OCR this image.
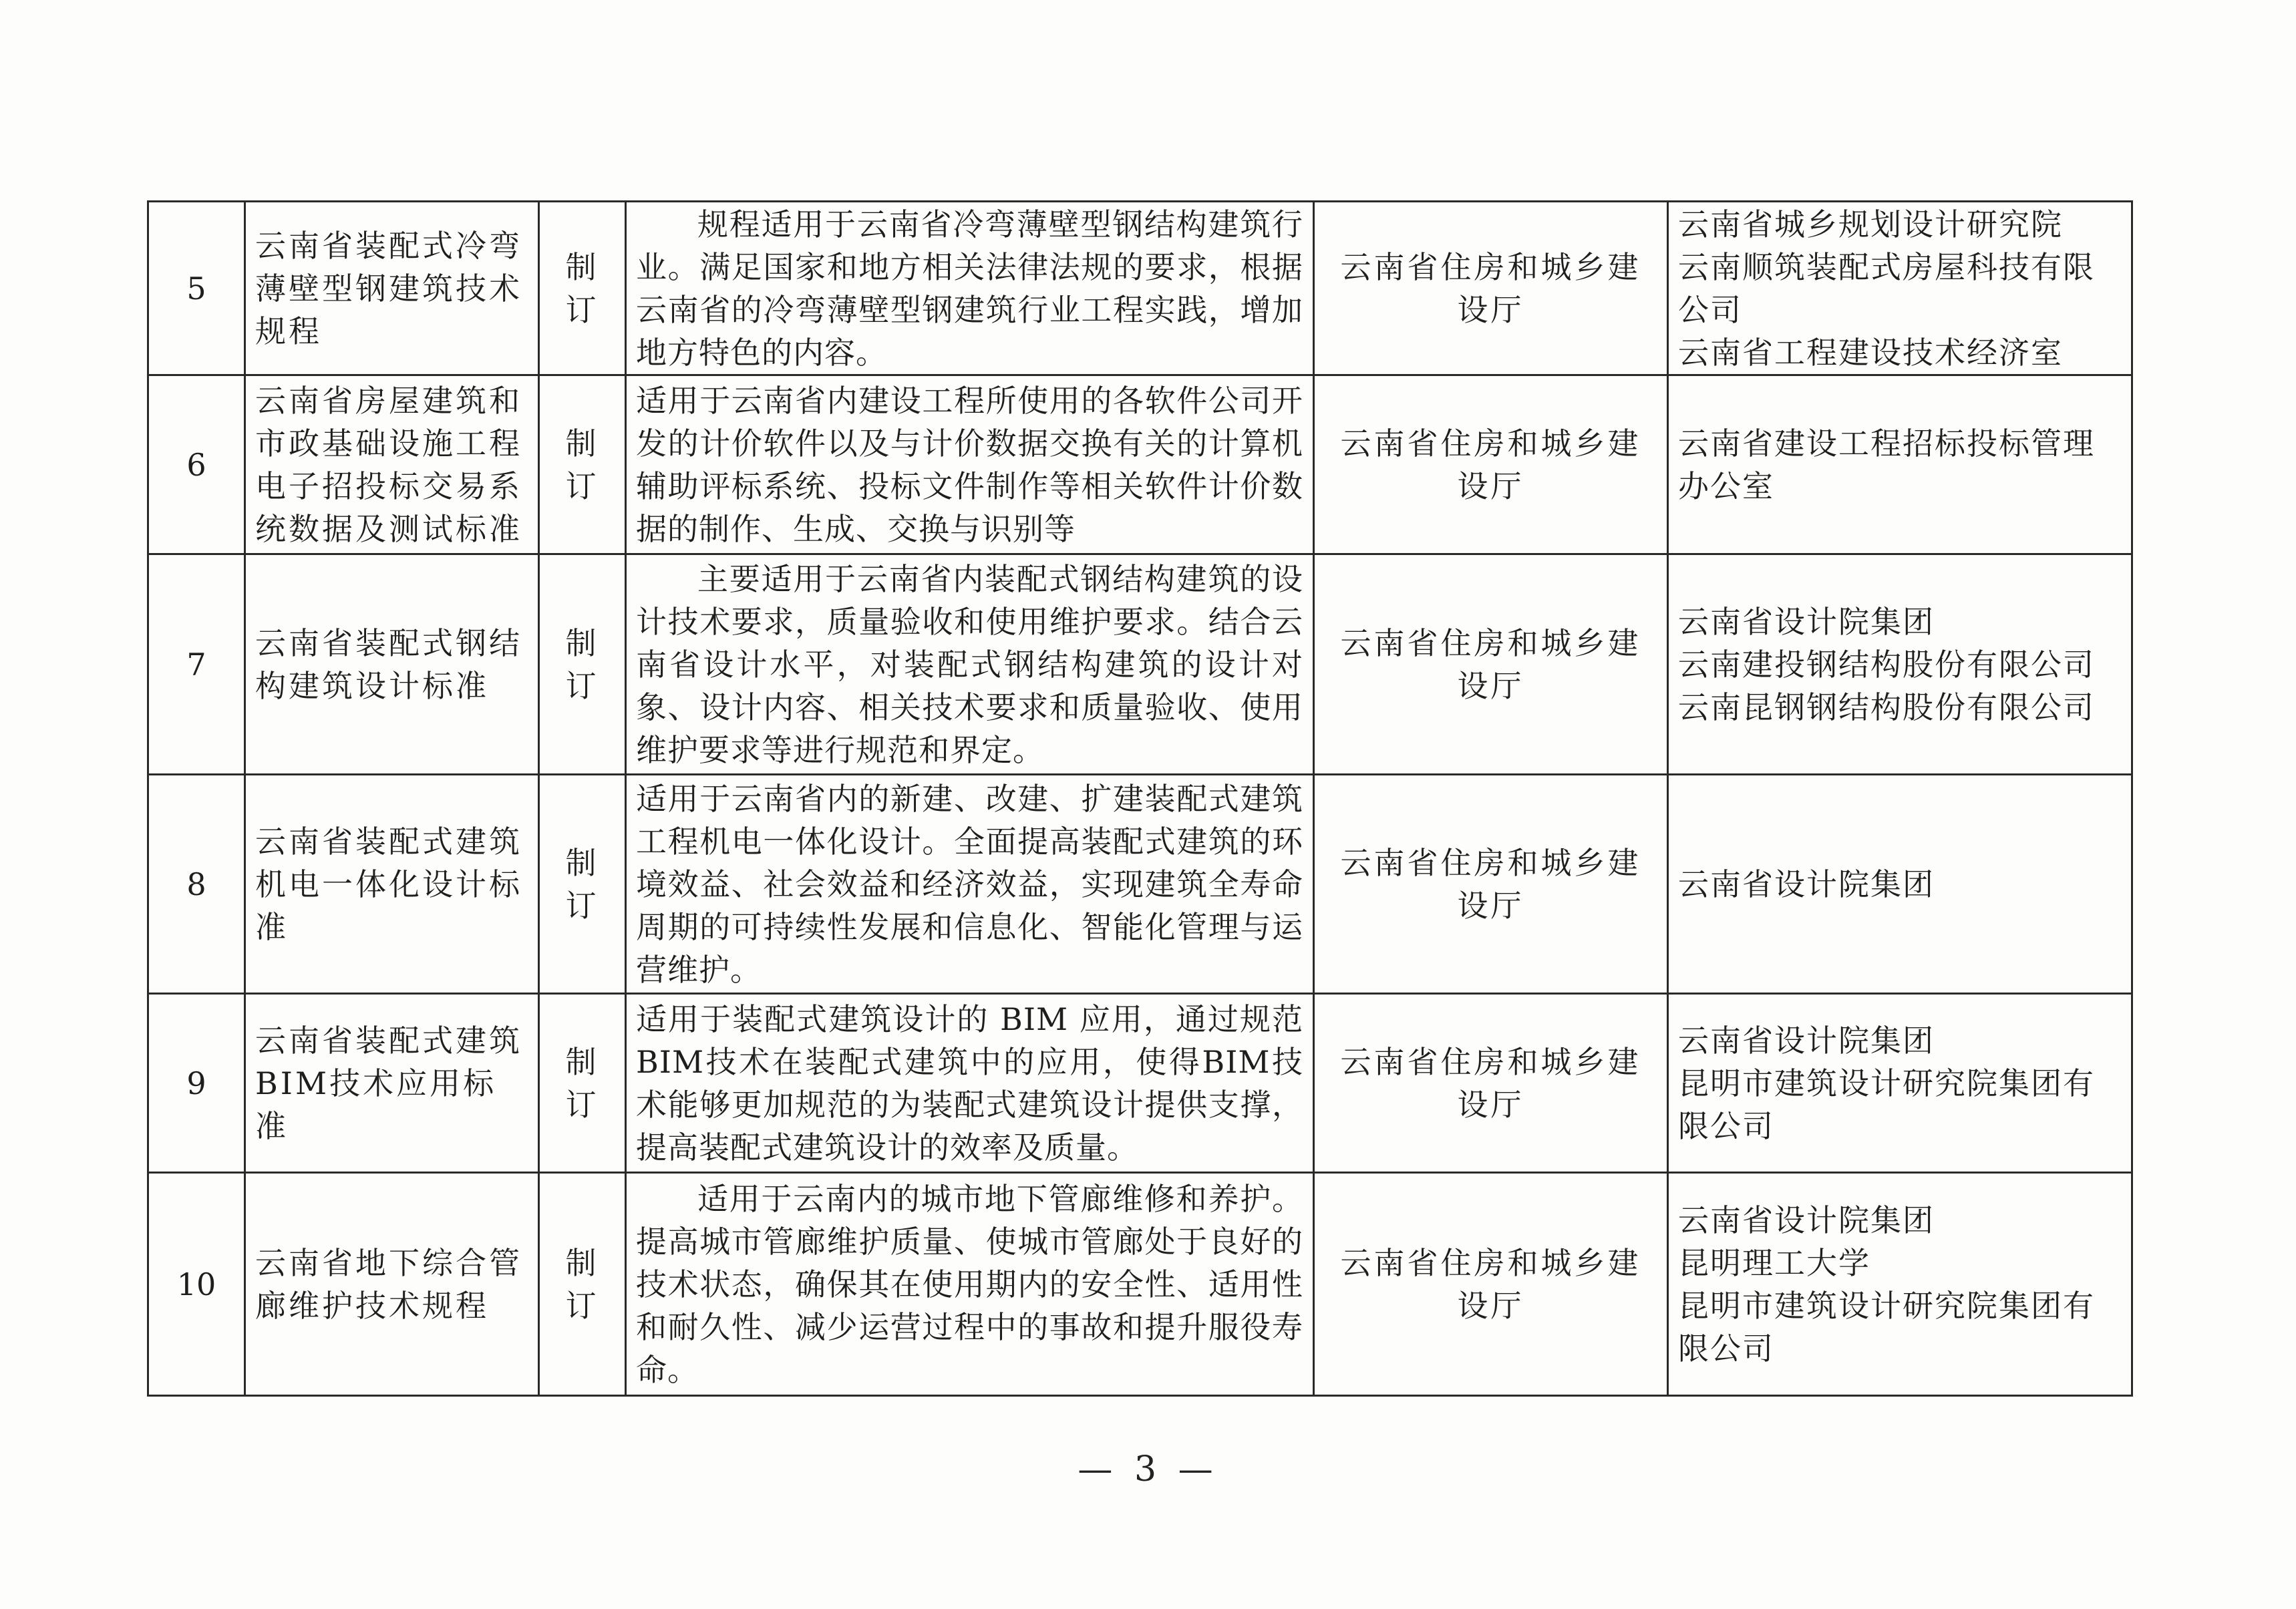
5	云南省装配式冷弯薄壁型钢建筑技术规程	制订	规程适用于云南省冷弯薄壁型钢结构建筑行业。满足国家和地方相关法律法规的要求，根据云南省的冷弯薄壁型钢建筑行业工程实践，增加地方特色的内容。	云南省住房和城乡建设厅	云南省城乡规划设计研究院
云南顺筑装配式房屋科技有限公司
云南省工程建设技术经济室

6	云南省房屋建筑和市政基础设施工程电子招投标交易系统数据及测试标准	制订	适用于云南省内建设工程所使用的各软件公司开发的计价软件以及与计价数据交换有关的计算机辅助评标系统、投标文件制作等相关软件计价数据的制作、生成、交换与识别等	云南省住房和城乡建设厅	云南省建设工程招标投标管理办公室

7	云南省装配式钢结构建筑设计标准	制订	主要适用于云南省内装配式钢结构建筑的设计技术要求，质量验收和使用维护要求。结合云南省设计水平，对装配式钢结构建筑的设计对象、设计内容、相关技术要求和质量验收、使用维护要求等进行规范和界定。	云南省住房和城乡建设厅	云南省设计院集团
云南建投钢结构股份有限公司
云南昆钢钢结构股份有限公司

8	云南省装配式建筑机电一体化设计标准	制订	适用于云南省内的新建、改建、扩建装配式建筑工程机电一体化设计。全面提高装配式建筑的环境效益、社会效益和经济效益，实现建筑全寿命周期的可持续性发展和信息化、智能化管理与运营维护。	云南省住房和城乡建设厅	云南省设计院集团

9	云南省装配式建筑BIM技术应用标准	制订	适用于装配式建筑设计的 BIM 应用，通过规范BIM技术在装配式建筑中的应用，使得BIM技术能够更加规范的为装配式建筑设计提供支撑，提高装配式建筑设计的效率及质量。	云南省住房和城乡建设厅	云南省设计院集团
昆明市建筑设计研究院集团有限公司

10	云南省地下综合管廊维护技术规程	制订	适用于云南内的城市地下管廊维修和养护。提高城市管廊维护质量、使城市管廊处于良好的技术状态，确保其在使用期内的安全性、适用性和耐久性、减少运营过程中的事故和提升服役寿命。	云南省住房和城乡建设厅	云南省设计院集团
昆明理工大学
昆明市建筑设计研究院集团有限公司
— 3 —
